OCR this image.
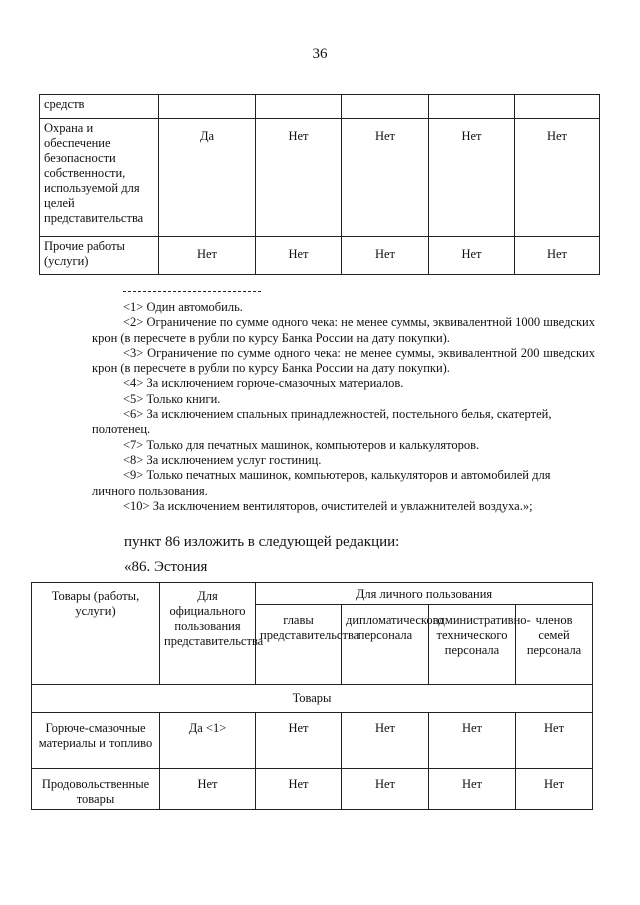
36
средств					
Охрана и обеспечение безопасности собственности, используемой для целей представительства	Да	Нет	Нет	Нет	Нет
Прочие работы (услуги)	Нет	Нет	Нет	Нет	Нет

<1> Один автомобиль.

<2> Ограничение по сумме одного чека: не менее суммы, эквивалентной 1000 шведских крон (в пересчете в рубли по курсу Банка России на дату покупки).

<3> Ограничение по сумме одного чека: не менее суммы, эквивалентной 200 шведских крон (в пересчете в рубли по курсу Банка России на дату покупки).

<4> За исключением горюче-смазочных материалов.

<5> Только книги.

<6> За исключением спальных принадлежностей, постельного белья, скатертей,

полотенец.

<7> Только для печатных машинок, компьютеров и калькуляторов.

<8> За исключением услуг гостиниц.

<9> Только печатных машинок, компьютеров, калькуляторов и автомобилей для

личного пользования.

<10> За исключением вентиляторов, очистителей и увлажнителей воздуха.»;

пункт 86 изложить в следующей редакции:
«86. Эстония
Товары (работы, услуги)	Для официального пользования представительства	Для личного пользования			
		главы представительства	дипломатического персонала	административно-технического персонала	членов семей персонала
Товары					
Горюче-смазочные материалы и топливо	Да <1>	Нет	Нет	Нет	Нет
Продовольственные товары	Нет	Нет	Нет	Нет	Нет
